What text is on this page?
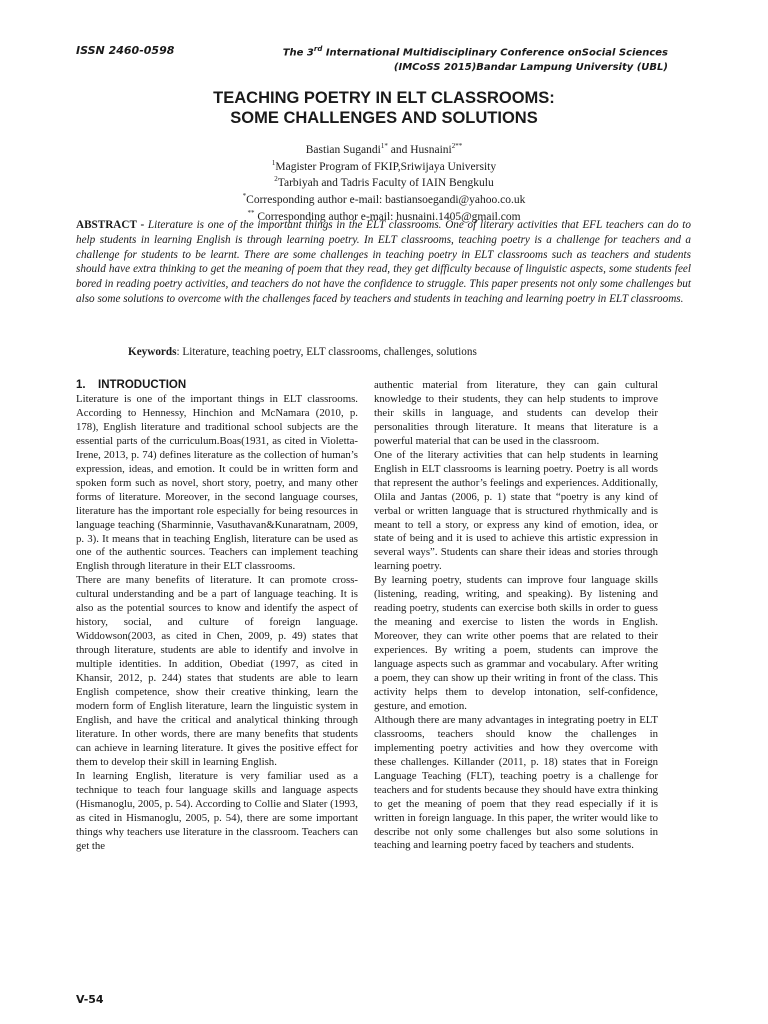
ISSN 2460-0598	The 3rd International Multidisciplinary Conference onSocial Sciences
(IMCoSS 2015)Bandar Lampung University (UBL)
TEACHING POETRY IN ELT CLASSROOMS:
SOME CHALLENGES AND SOLUTIONS
Bastian Sugandi$^{1*}$ and Husnaini$^{2**}$
$^1$Magister Program of FKIP,Sriwijaya University
$^2$Tarbiyah and Tadris Faculty of IAIN Bengkulu
*Corresponding author e-mail: bastiansoegandi@yahoo.co.uk
** Corresponding author e-mail: husnaini.1405@gmail.com
ABSTRACT - Literature is one of the important things in the ELT classrooms. One of literary activities that EFL teachers can do to help students in learning English is through learning poetry. In ELT classrooms, teaching poetry is a challenge for teachers and a challenge for students to be learnt. There are some challenges in teaching poetry in ELT classrooms such as teachers and students should have extra thinking to get the meaning of poem that they read, they get difficulty because of linguistic aspects, some students feel bored in reading poetry activities, and teachers do not have the confidence to struggle. This paper presents not only some challenges but also some solutions to overcome with the challenges faced by teachers and students in teaching and learning poetry in ELT classrooms.
Keywords: Literature, teaching poetry, ELT classrooms, challenges, solutions
1. INTRODUCTION

Literature is one of the important things in ELT classrooms. According to Hennessy, Hinchion and McNamara (2010, p. 178), English literature and traditional school subjects are the essential parts of the curriculum.Boas(1931, as cited in Violetta-Irene, 2013, p. 74) defines literature as the collection of human’s expression, ideas, and emotion. It could be in written form and spoken form such as novel, short story, poetry, and many other forms of literature. Moreover, in the second language courses, literature has the important role especially for being resources in language teaching (Sharminnie, Vasuthavan&Kunaratnam, 2009, p. 3). It means that in teaching English, literature can be used as one of the authentic sources. Teachers can implement teaching English through literature in their ELT classrooms.

There are many benefits of literature. It can promote cross-cultural understanding and be a part of language teaching. It is also as the potential sources to know and identify the aspect of history, social, and culture of foreign language. Widdowson(2003, as cited in Chen, 2009, p. 49) states that through literature, students are able to identify and involve in multiple identities. In addition, Obediat (1997, as cited in Khansir, 2012, p. 244) states that students are able to learn English competence, show their creative thinking, learn the modern form of English literature, learn the linguistic system in English, and have the critical and analytical thinking through literature. In other words, there are many benefits that students can achieve in learning literature. It gives the positive effect for them to develop their skill in learning English.

In learning English, literature is very familiar used as a technique to teach four language skills and language aspects (Hismanoglu, 2005, p. 54). According to Collie and Slater (1993, as cited in Hismanoglu, 2005, p. 54), there are some important things why teachers use literature in the classroom. Teachers can get the

authentic material from literature, they can gain cultural knowledge to their students, they can help students to improve their skills in language, and students can develop their personalities through literature. It means that literature is a powerful material that can be used in the classroom.

One of the literary activities that can help students in learning English in ELT classrooms is learning poetry. Poetry is all words that represent the author’s feelings and experiences. Additionally, Olila and Jantas (2006, p. 1) state that “poetry is any kind of verbal or written language that is structured rhythmically and is meant to tell a story, or express any kind of emotion, idea, or state of being and it is used to achieve this artistic expression in several ways”. Students can share their ideas and stories through learning poetry.

By learning poetry, students can improve four language skills (listening, reading, writing, and speaking). By listening and reading poetry, students can exercise both skills in order to guess the meaning and exercise to listen the words in English. Moreover, they can write other poems that are related to their experiences. By writing a poem, students can improve the language aspects such as grammar and vocabulary. After writing a poem, they can show up their writing in front of the class. This activity helps them to develop intonation, self-confidence, gesture, and emotion.

Although there are many advantages in integrating poetry in ELT classrooms, teachers should know the challenges in implementing poetry activities and how they overcome with these challenges. Killander (2011, p. 18) states that in Foreign Language Teaching (FLT), teaching poetry is a challenge for teachers and for students because they should have extra thinking to get the meaning of poem that they read especially if it is written in foreign language. In this paper, the writer would like to describe not only some challenges but also some solutions in teaching and learning poetry faced by teachers and students.

V-54
